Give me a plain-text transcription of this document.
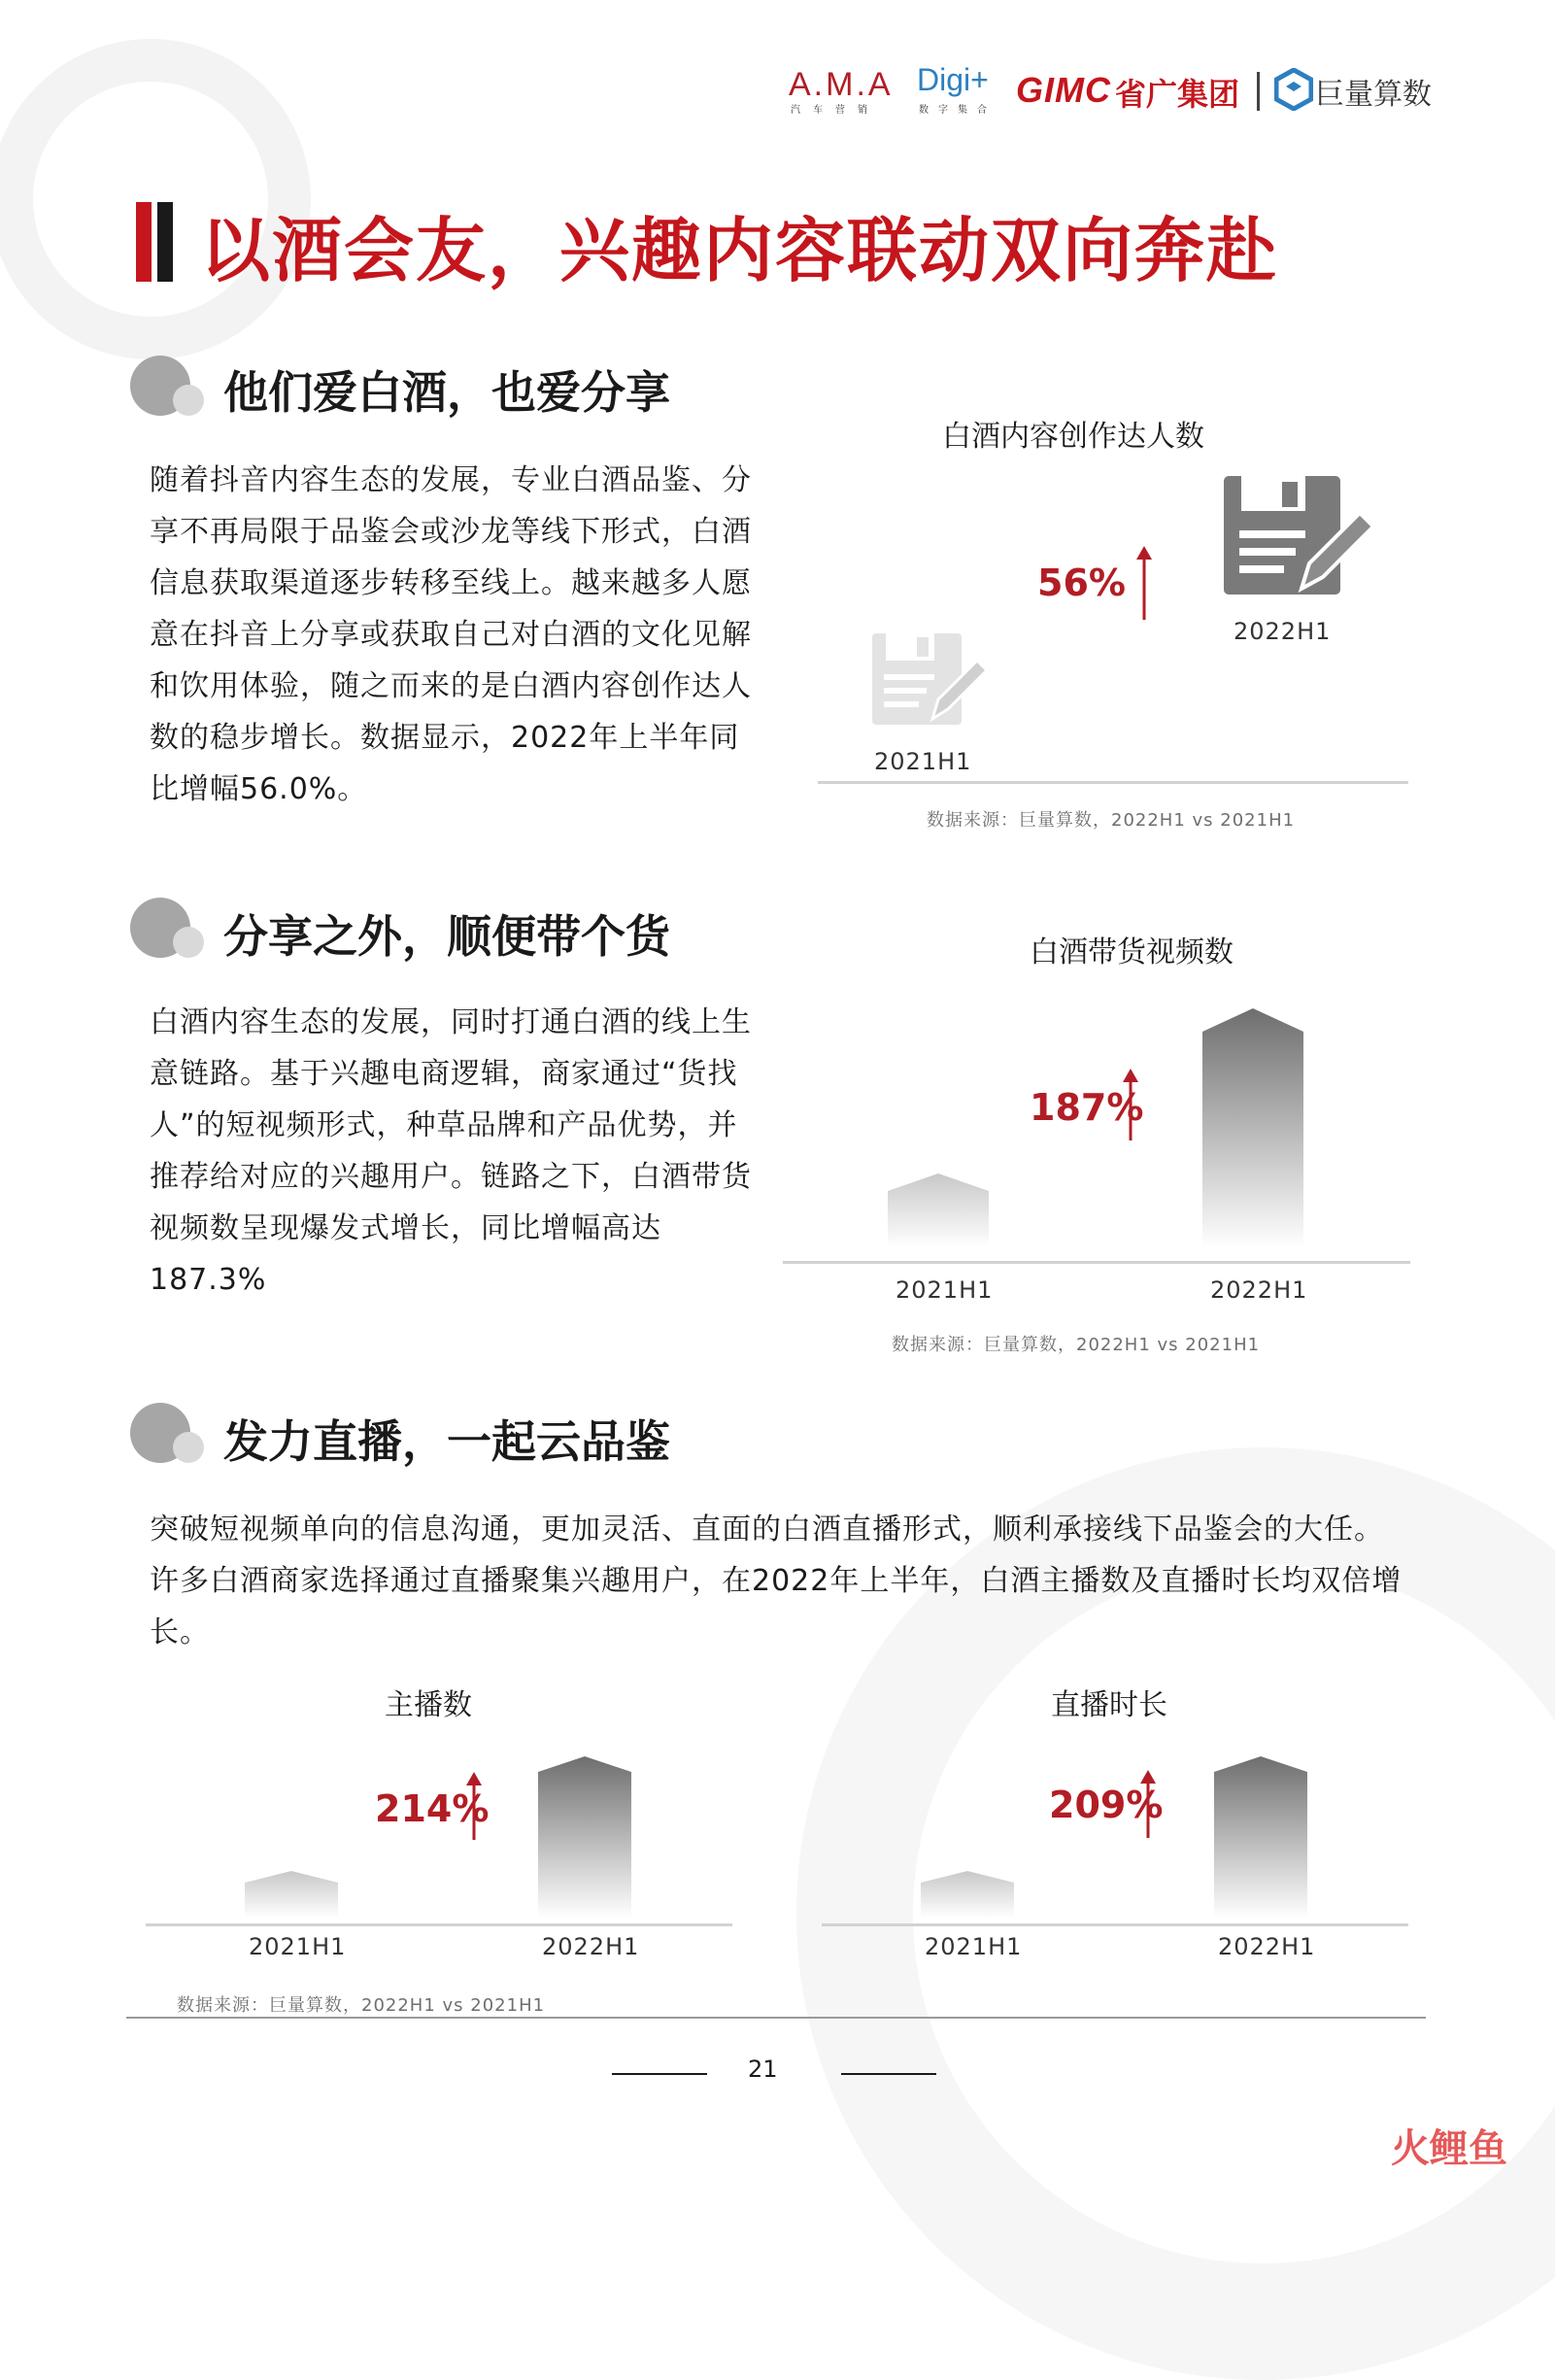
A.M.A
汽车营销
Digi+
数字集合
GIMC 省广集团	巨量算数
以酒会友，兴趣内容联动双向奔赴
他们爱白酒，也爱分享
随着抖音内容生态的发展，专业白酒品鉴、分享不再局限于品鉴会或沙龙等线下形式，白酒信息获取渠道逐步转移至线上。越来越多人愿意在抖音上分享或获取自己对白酒的文化见解和饮用体验，随之而来的是白酒内容创作达人数的稳步增长。数据显示，2022年上半年同比增幅56.0%。
白酒内容创作达人数
2021H1
2022H1
56%
数据来源：巨量算数，2022H1 vs 2021H1
分享之外，顺便带个货
白酒内容生态的发展，同时打通白酒的线上生意链路。基于兴趣电商逻辑，商家通过“货找人”的短视频形式，种草品牌和产品优势，并推荐给对应的兴趣用户。链路之下，白酒带货视频数呈现爆发式增长，同比增幅高达187.3%
白酒带货视频数
187%
2021H1	2022H1
数据来源：巨量算数，2022H1 vs 2021H1
发力直播，一起云品鉴
突破短视频单向的信息沟通，更加灵活、直面的白酒直播形式，顺利承接线下品鉴会的大任。许多白酒商家选择通过直播聚集兴趣用户，在2022年上半年，白酒主播数及直播时长均双倍增长。
主播数
214%
2021H1	2022H1
直播时长
209%
2021H1	2022H1
数据来源：巨量算数，2022H1 vs 2021H1
21
火鲤鱼
